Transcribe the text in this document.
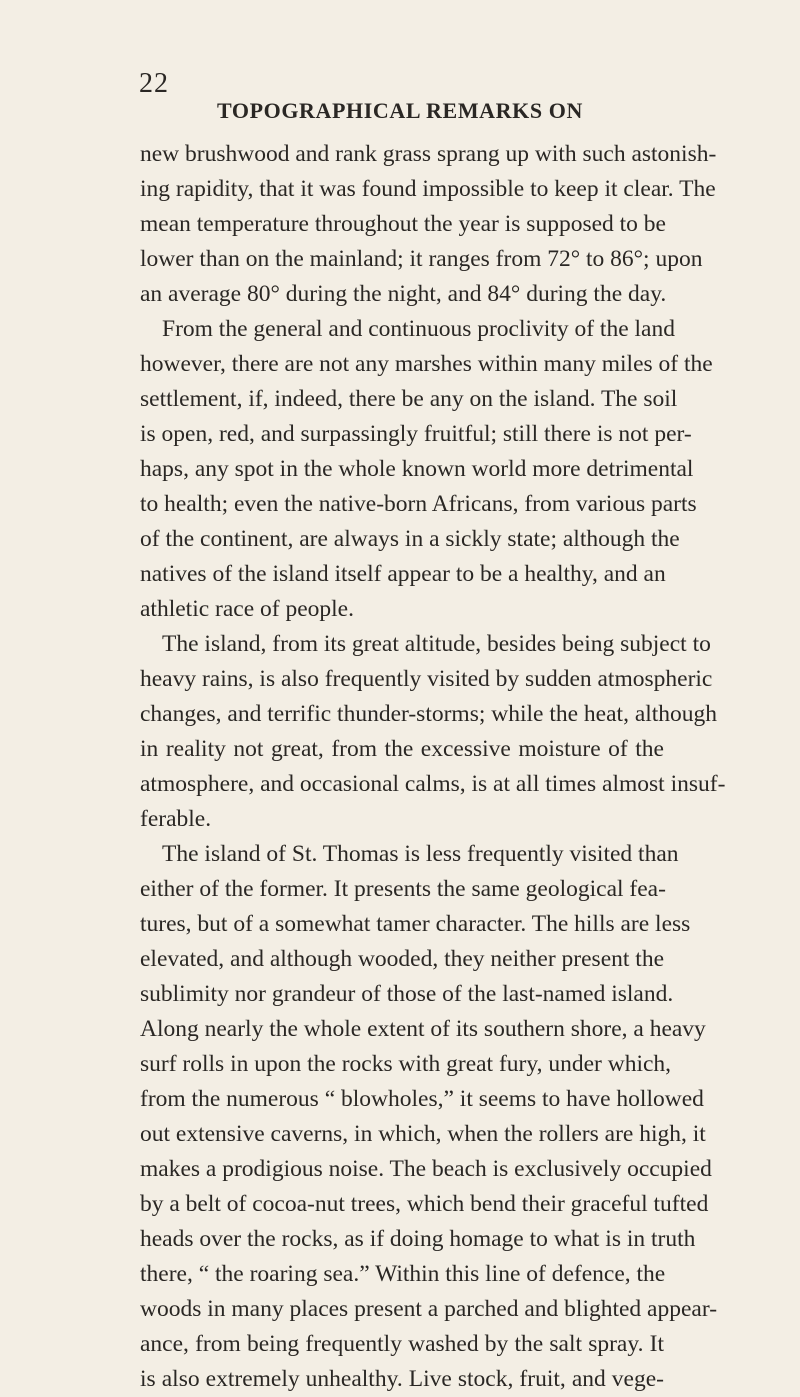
22
TOPOGRAPHICAL REMARKS ON
new brushwood and rank grass sprang up with such astonish-
ing rapidity, that it was found impossible to keep it clear. The
mean temperature throughout the year is supposed to be
lower than on the mainland; it ranges from 72° to 86°; upon
an average 80° during the night, and 84° during the day.
From the general and continuous proclivity of the land
however, there are not any marshes within many miles of the
settlement, if, indeed, there be any on the island. The soil
is open, red, and surpassingly fruitful; still there is not per-
haps, any spot in the whole known world more detrimental
to health; even the native-born Africans, from various parts
of the continent, are always in a sickly state; although the
natives of the island itself appear to be a healthy, and an
athletic race of people.
The island, from its great altitude, besides being subject to
heavy rains, is also frequently visited by sudden atmospheric
changes, and terrific thunder-storms; while the heat, although
in reality not great, from the excessive moisture of the
atmosphere, and occasional calms, is at all times almost insuf-
ferable.
The island of St. Thomas is less frequently visited than
either of the former. It presents the same geological fea-
tures, but of a somewhat tamer character. The hills are less
elevated, and although wooded, they neither present the
sublimity nor grandeur of those of the last-named island.
Along nearly the whole extent of its southern shore, a heavy
surf rolls in upon the rocks with great fury, under which,
from the numerous “ blowholes,” it seems to have hollowed
out extensive caverns, in which, when the rollers are high, it
makes a prodigious noise. The beach is exclusively occupied
by a belt of cocoa-nut trees, which bend their graceful tufted
heads over the rocks, as if doing homage to what is in truth
there, “ the roaring sea.” Within this line of defence, the
woods in many places present a parched and blighted appear-
ance, from being frequently washed by the salt spray. It
is also extremely unhealthy. Live stock, fruit, and vege-
